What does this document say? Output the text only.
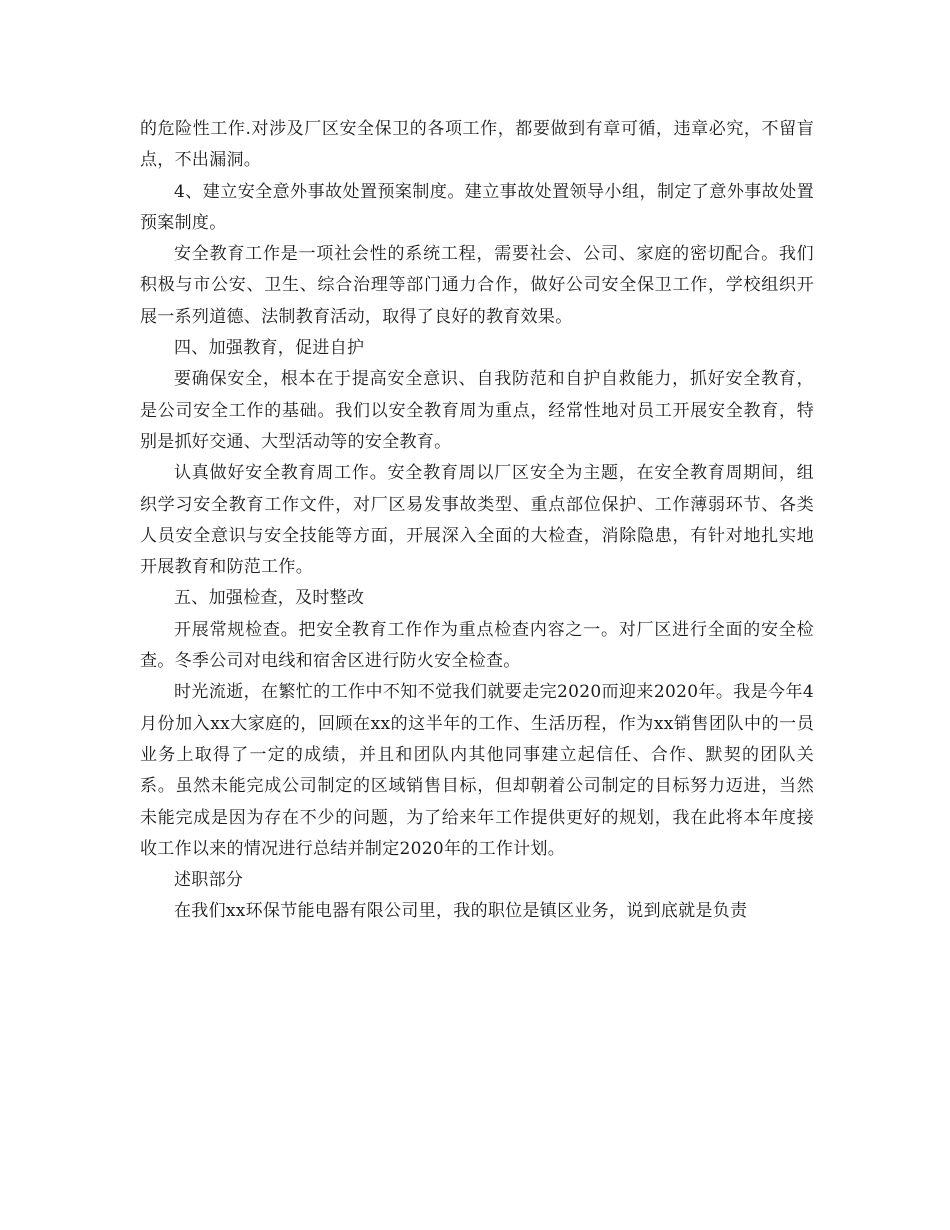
的危险性工作.对涉及厂区安全保卫的各项工作，都要做到有章可循，违章必究，不留盲点，不出漏洞。

4、建立安全意外事故处置预案制度。建立事故处置领导小组，制定了意外事故处置预案制度。

安全教育工作是一项社会性的系统工程，需要社会、公司、家庭的密切配合。我们积极与市公安、卫生、综合治理等部门通力合作，做好公司安全保卫工作，学校组织开展一系列道德、法制教育活动，取得了良好的教育效果。

四、加强教育，促进自护

要确保安全，根本在于提高安全意识、自我防范和自护自救能力，抓好安全教育，是公司安全工作的基础。我们以安全教育周为重点，经常性地对员工开展安全教育，特别是抓好交通、大型活动等的安全教育。

认真做好安全教育周工作。安全教育周以厂区安全为主题，在安全教育周期间，组织学习安全教育工作文件，对厂区易发事故类型、重点部位保护、工作薄弱环节、各类人员安全意识与安全技能等方面，开展深入全面的大检查，消除隐患，有针对地扎实地开展教育和防范工作。

五、加强检查，及时整改

开展常规检查。把安全教育工作作为重点检查内容之一。对厂区进行全面的安全检查。冬季公司对电线和宿舍区进行防火安全检查。

时光流逝，在繁忙的工作中不知不觉我们就要走完2020而迎来2020年。我是今年4月份加入xx大家庭的，回顾在xx的这半年的工作、生活历程，作为xx销售团队中的一员业务上取得了一定的成绩，并且和团队内其他同事建立起信任、合作、默契的团队关系。虽然未能完成公司制定的区域销售目标，但却朝着公司制定的目标努力迈进，当然未能完成是因为存在不少的问题，为了给来年工作提供更好的规划，我在此将本年度接收工作以来的情况进行总结并制定2020年的工作计划。

述职部分

在我们xx环保节能电器有限公司里，我的职位是镇区业务，说到底就是负责
